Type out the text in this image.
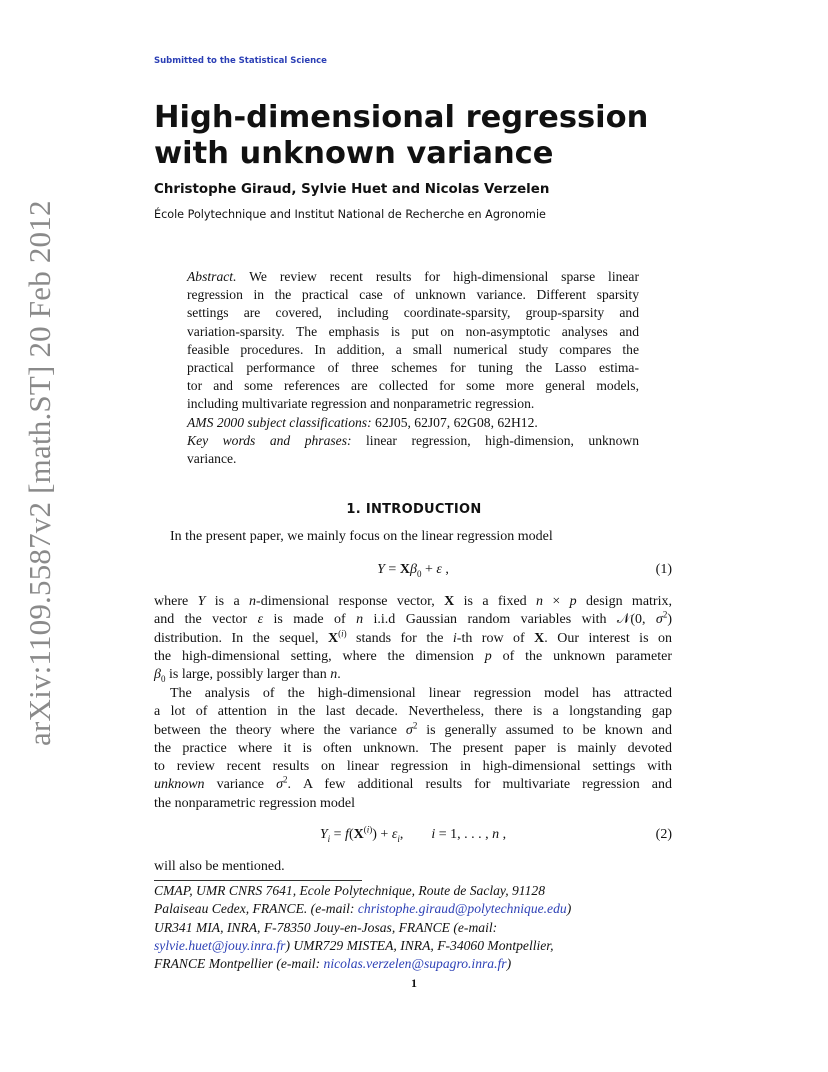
arXiv:1109.5587v2 [math.ST] 20 Feb 2012
Submitted to the Statistical Science
High-dimensional regression
with unknown variance
Christophe Giraud, Sylvie Huet and Nicolas Verzelen
École Polytechnique and Institut National de Recherche en Agronomie
Abstract. We review recent results for high-dimensional sparse linear
regression in the practical case of unknown variance. Different sparsity
settings are covered, including coordinate-sparsity, group-sparsity and
variation-sparsity. The emphasis is put on non-asymptotic analyses and
feasible procedures. In addition, a small numerical study compares the
practical performance of three schemes for tuning the Lasso estima-
tor and some references are collected for some more general models,
including multivariate regression and nonparametric regression.
AMS 2000 subject classifications: 62J05, 62J07, 62G08, 62H12.
Key words and phrases: linear regression, high-dimension, unknown
variance.
1. INTRODUCTION
In the present paper, we mainly focus on the linear regression model
$Y = X\beta_0 + \varepsilon$ ,	(1)
where Y is a n-dimensional response vector, X is a fixed n × p design matrix,
and the vector ε is made of n i.i.d Gaussian random variables with 𝒩(0, $\sigma^2$)
distribution. In the sequel, $X^{(i)}$ stands for the i-th row of X. Our interest is on
the high-dimensional setting, where the dimension p of the unknown parameter
$\beta_0$ is large, possibly larger than n.
The analysis of the high-dimensional linear regression model has attracted
a lot of attention in the last decade. Nevertheless, there is a longstanding gap
between the theory where the variance $\sigma^2$ is generally assumed to be known and
the practice where it is often unknown. The present paper is mainly devoted
to review recent results on linear regression in high-dimensional settings with
unknown variance $\sigma^2$. A few additional results for multivariate regression and
the nonparametric regression model
$Y_i = f(X^{(i)}) + \varepsilon_i$,        i = 1, . . . , n ,	(2)
will also be mentioned.
CMAP, UMR CNRS 7641, Ecole Polytechnique, Route de Saclay, 91128
Palaiseau Cedex, FRANCE. (e-mail: christophe.giraud@polytechnique.edu)
UR341 MIA, INRA, F-78350 Jouy-en-Josas, FRANCE (e-mail:
sylvie.huet@jouy.inra.fr) UMR729 MISTEA, INRA, F-34060 Montpellier,
FRANCE Montpellier (e-mail: nicolas.verzelen@supagro.inra.fr)
1
